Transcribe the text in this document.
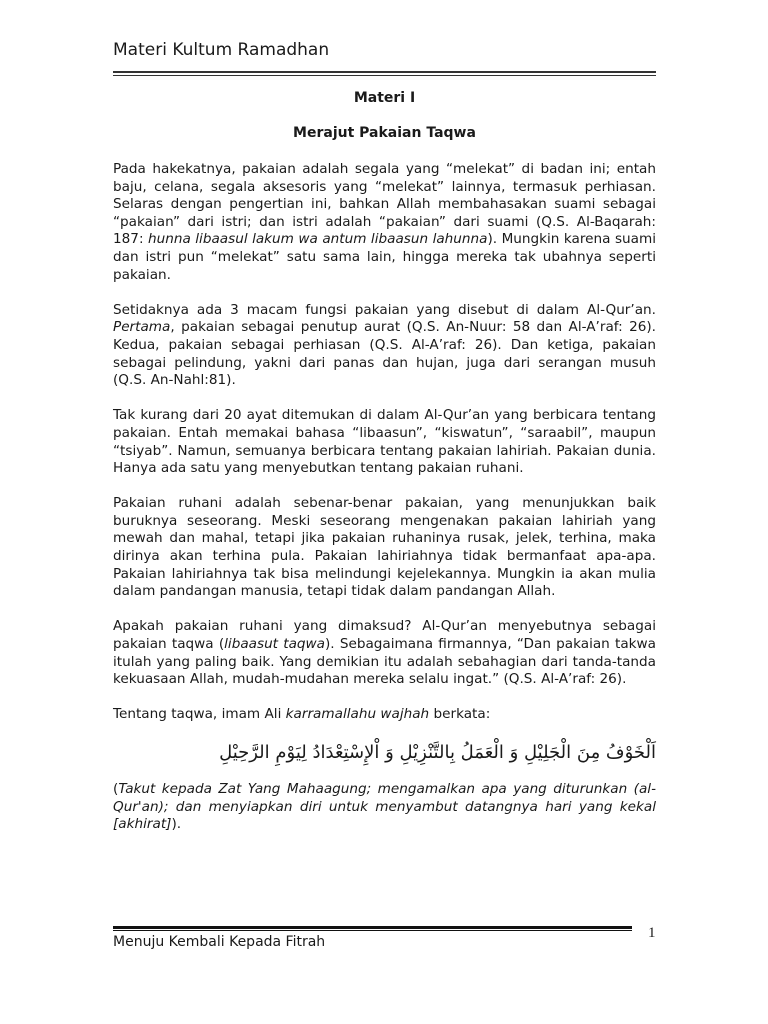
Materi Kultum Ramadhan
Materi I
Merajut Pakaian Taqwa

Pada hakekatnya, pakaian adalah segala yang “melekat” di badan ini; entah baju, celana, segala aksesoris yang “melekat” lainnya, termasuk perhiasan. Selaras dengan pengertian ini, bahkan Allah membahasakan suami sebagai “pakaian” dari istri; dan istri adalah “pakaian” dari suami (Q.S. Al-Baqarah: 187: hunna libaasul lakum wa antum libaasun lahunna). Mungkin karena suami dan istri pun “melekat” satu sama lain, hingga mereka tak ubahnya seperti pakaian.

Setidaknya ada 3 macam fungsi pakaian yang disebut di dalam Al-Qur’an. Pertama, pakaian sebagai penutup aurat (Q.S. An-Nuur: 58 dan Al-A’raf: 26). Kedua, pakaian sebagai perhiasan (Q.S. Al-A’raf: 26). Dan ketiga, pakaian sebagai pelindung, yakni dari panas dan hujan, juga dari serangan musuh (Q.S. An-Nahl:81).

Tak kurang dari 20 ayat ditemukan di dalam Al-Qur’an yang berbicara tentang pakaian. Entah memakai bahasa “libaasun”, “kiswatun”, “saraabil”, maupun “tsiyab”. Namun, semuanya berbicara tentang pakaian lahiriah. Pakaian dunia. Hanya ada satu yang menyebutkan tentang pakaian ruhani.

Pakaian ruhani adalah sebenar-benar pakaian, yang menunjukkan baik buruknya seseorang. Meski seseorang mengenakan pakaian lahiriah yang mewah dan mahal, tetapi jika pakaian ruhaninya rusak, jelek, terhina, maka dirinya akan terhina pula. Pakaian lahiriahnya tidak bermanfaat apa-apa. Pakaian lahiriahnya tak bisa melindungi kejelekannya. Mungkin ia akan mulia dalam pandangan manusia, tetapi tidak dalam pandangan Allah.

Apakah pakaian ruhani yang dimaksud? Al-Qur’an menyebutnya sebagai pakaian taqwa (libaasut taqwa). Sebagaimana firmannya, “Dan pakaian takwa itulah yang paling baik. Yang demikian itu adalah sebahagian dari tanda-tanda kekuasaan Allah, mudah-mudahan mereka selalu ingat.” (Q.S. Al-A’raf: 26).

Tentang taqwa, imam Ali karramallahu wajhah berkata:

اَلْخَوْفُ مِنَ الْجَلِيْلِ وَ الْعَمَلُ بِالتَّنْزِيْلِ وَ اْلإِسْتِعْدَادُ لِيَوْمِ الرَّحِيْلِ

(Takut kepada Zat Yang Mahaagung; mengamalkan apa yang diturunkan (al-Qur'an); dan menyiapkan diri untuk menyambut datangnya hari yang kekal [akhirat]).

Menuju Kembali Kepada Fitrah
1
